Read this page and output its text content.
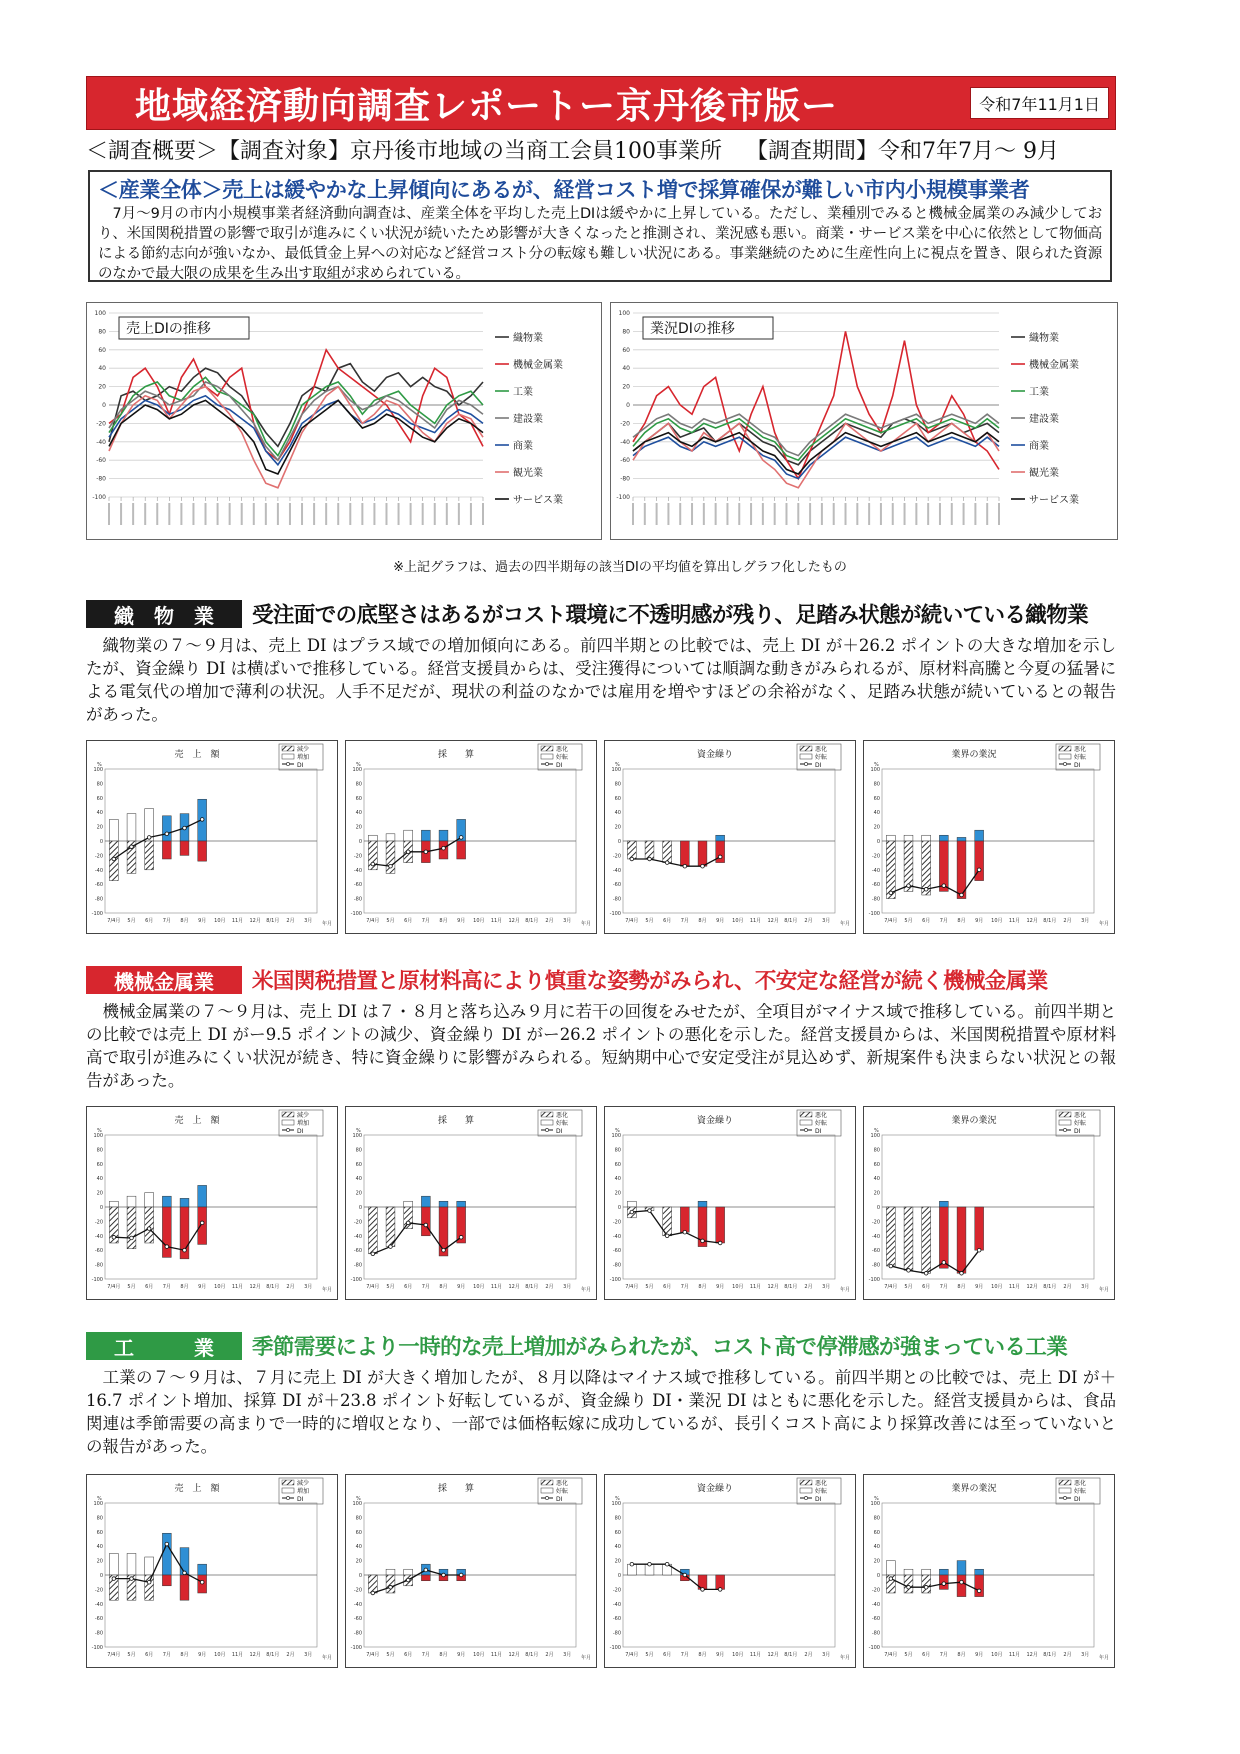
地域経済動向調査レポートー京丹後市版ー	令和7年11月1日
＜調査概要＞【調査対象】京丹後市地域の当商工会員100事業所 【調査期間】令和7年7月～ 9月
＜産業全体＞売上は緩やかな上昇傾向にあるが、経営コスト増で採算確保が難しい市内小規模事業者
7月～9月の市内小規模事業者経済動向調査は、産業全体を平均した売上DIは緩やかに上昇している。ただし、業種別でみると機械金属業のみ減少しており、米国関税措置の影響で取引が進みにくい状況が続いたため影響が大きくなったと推測され、業況感も悪い。商業・サービス業を中心に依然として物価高による節約志向が強いなか、最低賃金上昇への対応など経営コスト分の転嫁も難しい状況にある。事業継続のために生産性向上に視点を置き、限られた資源のなかで最大限の成果を生み出す取組が求められている。
100
80
60
40
20
0
-20
-40
-60
-80
-100
織物業
機械金属業
工業
建設業
商業
観光業
サービス業
売上DIの推移
100
80
60
40
20
0
-20
-40
-60
-80
-100
織物業
機械金属業
工業
建設業
商業
観光業
サービス業
業況DIの推移
※上記グラフは、過去の四半期毎の該当DIの平均値を算出しグラフ化したもの
織　物　業	受注面での底堅さはあるがコスト環境に不透明感が残り、足踏み状態が続いている織物業
織物業の７～９月は、売上 DI はプラス域での増加傾向にある。前四半期との比較では、売上 DI が＋26.2 ポイントの大きな増加を示したが、資金繰り DI は横ばいで推移している。経営支援員からは、受注獲得については順調な動きがみられるが、原材料高騰と今夏の猛暑による電気代の増加で薄利の状況。人手不足だが、現状の利益のなかでは雇用を増やすほどの余裕がなく、足踏み状態が続いているとの報告があった。
機械金属業	米国関税措置と原材料高により慎重な姿勢がみられ、不安定な経営が続く機械金属業
機械金属業の７～９月は、売上 DI は７・８月と落ち込み９月に若干の回復をみせたが、全項目がマイナス域で推移している。前四半期との比較では売上 DI がー9.5 ポイントの減少、資金繰り DI がー26.2 ポイントの悪化を示した。経営支援員からは、米国関税措置や原材料高で取引が進みにくい状況が続き、特に資金繰りに影響がみられる。短納期中心で安定受注が見込めず、新規案件も決まらない状況との報告があった。
工　　　業	季節需要により一時的な売上増加がみられたが、コスト高で停滞感が強まっている工業
工業の７～９月は、７月に売上 DI が大きく増加したが、８月以降はマイナス域で推移している。前四半期との比較では、売上 DI が＋16.7 ポイント増加、採算 DI が＋23.8 ポイント好転しているが、資金繰り DI・業況 DI はともに悪化を示した。経営支援員からは、食品関連は季節需要の高まりで一時的に増収となり、一部では価格転嫁に成功しているが、長引くコスト高により採算改善には至っていないとの報告があった。
売　上　額
減少
増加
DI
%
100
80
60
40
20
0
-20
-40
-60
-80
-100
7/4月 5月 6月 7月 8月 9月 10月 11月 12月 8/1月 2月 3月 年月
採　　算
悪化
好転
DI
%
100
80
60
40
20
0
-20
-40
-60
-80
-100
7/4月 5月 6月 7月 8月 9月 10月 11月 12月 8/1月 2月 3月 年月
資金繰り
悪化
好転
DI
%
100
80
60
40
20
0
-20
-40
-60
-80
-100
7/4月 5月 6月 7月 8月 9月 10月 11月 12月 8/1月 2月 3月 年月
業界の業況
悪化
好転
DI
%
100
80
60
40
20
0
-20
-40
-60
-80
-100
7/4月 5月 6月 7月 8月 9月 10月 11月 12月 8/1月 2月 3月 年月
売　上　額
減少
増加
DI
%
100
80
60
40
20
0
-20
-40
-60
-80
-100
7/4月 5月 6月 7月 8月 9月 10月 11月 12月 8/1月 2月 3月 年月
採　　算
悪化
好転
DI
%
100
80
60
40
20
0
-20
-40
-60
-80
-100
7/4月 5月 6月 7月 8月 9月 10月 11月 12月 8/1月 2月 3月 年月
資金繰り
悪化
好転
DI
%
100
80
60
40
20
0
-20
-40
-60
-80
-100
7/4月 5月 6月 7月 8月 9月 10月 11月 12月 8/1月 2月 3月 年月
業界の業況
悪化
好転
DI
%
100
80
60
40
20
0
-20
-40
-60
-80
-100
7/4月 5月 6月 7月 8月 9月 10月 11月 12月 8/1月 2月 3月 年月
売　上　額
減少
増加
DI
%
100
80
60
40
20
0
-20
-40
-60
-80
-100
7/4月 5月 6月 7月 8月 9月 10月 11月 12月 8/1月 2月 3月 年月
採　　算
悪化
好転
DI
%
100
80
60
40
20
0
-20
-40
-60
-80
-100
7/4月 5月 6月 7月 8月 9月 10月 11月 12月 8/1月 2月 3月 年月
資金繰り
悪化
好転
DI
%
100
80
60
40
20
0
-20
-40
-60
-80
-100
7/4月 5月 6月 7月 8月 9月 10月 11月 12月 8/1月 2月 3月 年月
業界の業況
悪化
好転
DI
%
100
80
60
40
20
0
-20
-40
-60
-80
-100
7/4月 5月 6月 7月 8月 9月 10月 11月 12月 8/1月 2月 3月 年月
